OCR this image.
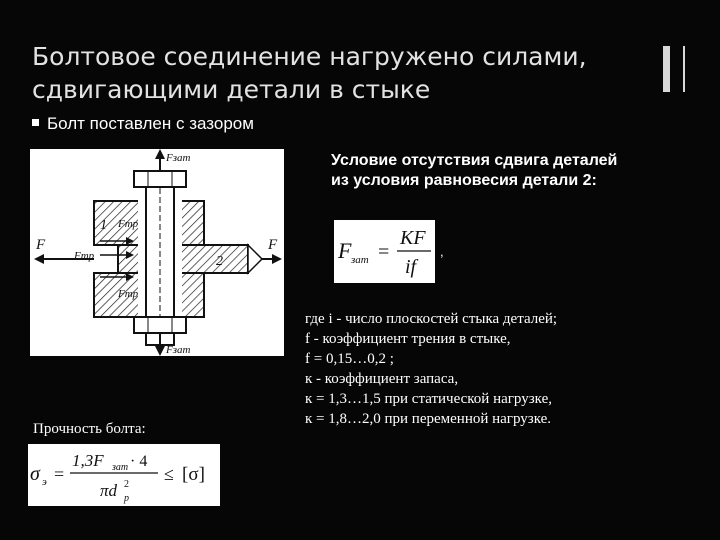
Болтовое соединение нагружено силами,
сдвигающими детали в стыке
Болт поставлен с зазором
Условие отсутствия сдвига деталей
из условия равновесия детали 2:
F	F
Fзат
Fзат
Fтр
Fтр
Fтр
1
2	F зат =
KF
if
,
где i - число плоскостей стыка деталей;
f - коэффициент трения в стыке,
f = 0,15…0,2 ;
к - коэффициент запаса,
к = 1,3…1,5 при статической нагрузке,
к = 1,8…2,0 при переменной нагрузке.
Прочность болта:
σ э =
1,3F зат · 4
πd 2
р
≤ [σ]
